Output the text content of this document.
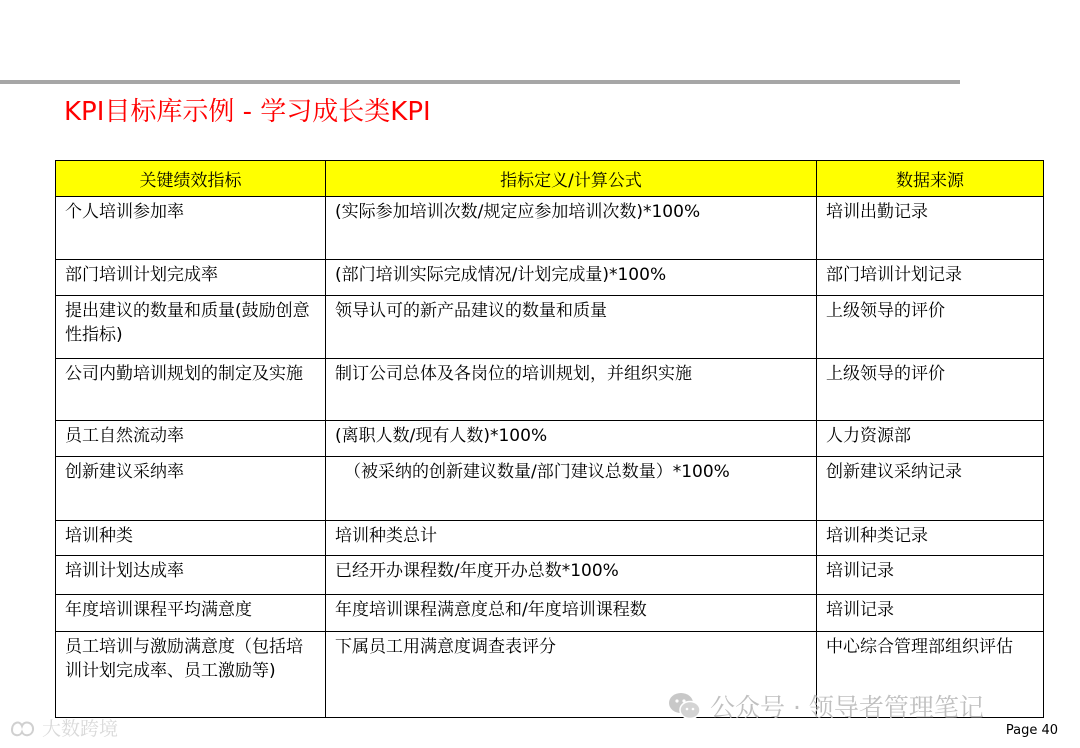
KPI目标库示例 - 学习成长类KPI
关键绩效指标	指标定义/计算公式	数据来源
个人培训参加率	(实际参加培训次数/规定应参加培训次数)*100%	培训出勤记录
部门培训计划完成率	(部门培训实际完成情况/计划完成量)*100%	部门培训计划记录
提出建议的数量和质量(鼓励创意性指标)	领导认可的新产品建议的数量和质量	上级领导的评价
公司内勤培训规划的制定及实施	制订公司总体及各岗位的培训规划，并组织实施	上级领导的评价
员工自然流动率	(离职人数/现有人数)*100%	人力资源部
创新建议采纳率	（被采纳的创新建议数量/部门建议总数量）*100%	创新建议采纳记录
培训种类	培训种类总计	培训种类记录
培训计划达成率	已经开办课程数/年度开办总数*100%	培训记录
年度培训课程平均满意度	年度培训课程满意度总和/年度培训课程数	培训记录
员工培训与激励满意度（包括培训计划完成率、员工激励等)	下属员工用满意度调查表评分	中心综合管理部组织评估
公众号 · 领导者管理笔记
大数跨境	Page 40
